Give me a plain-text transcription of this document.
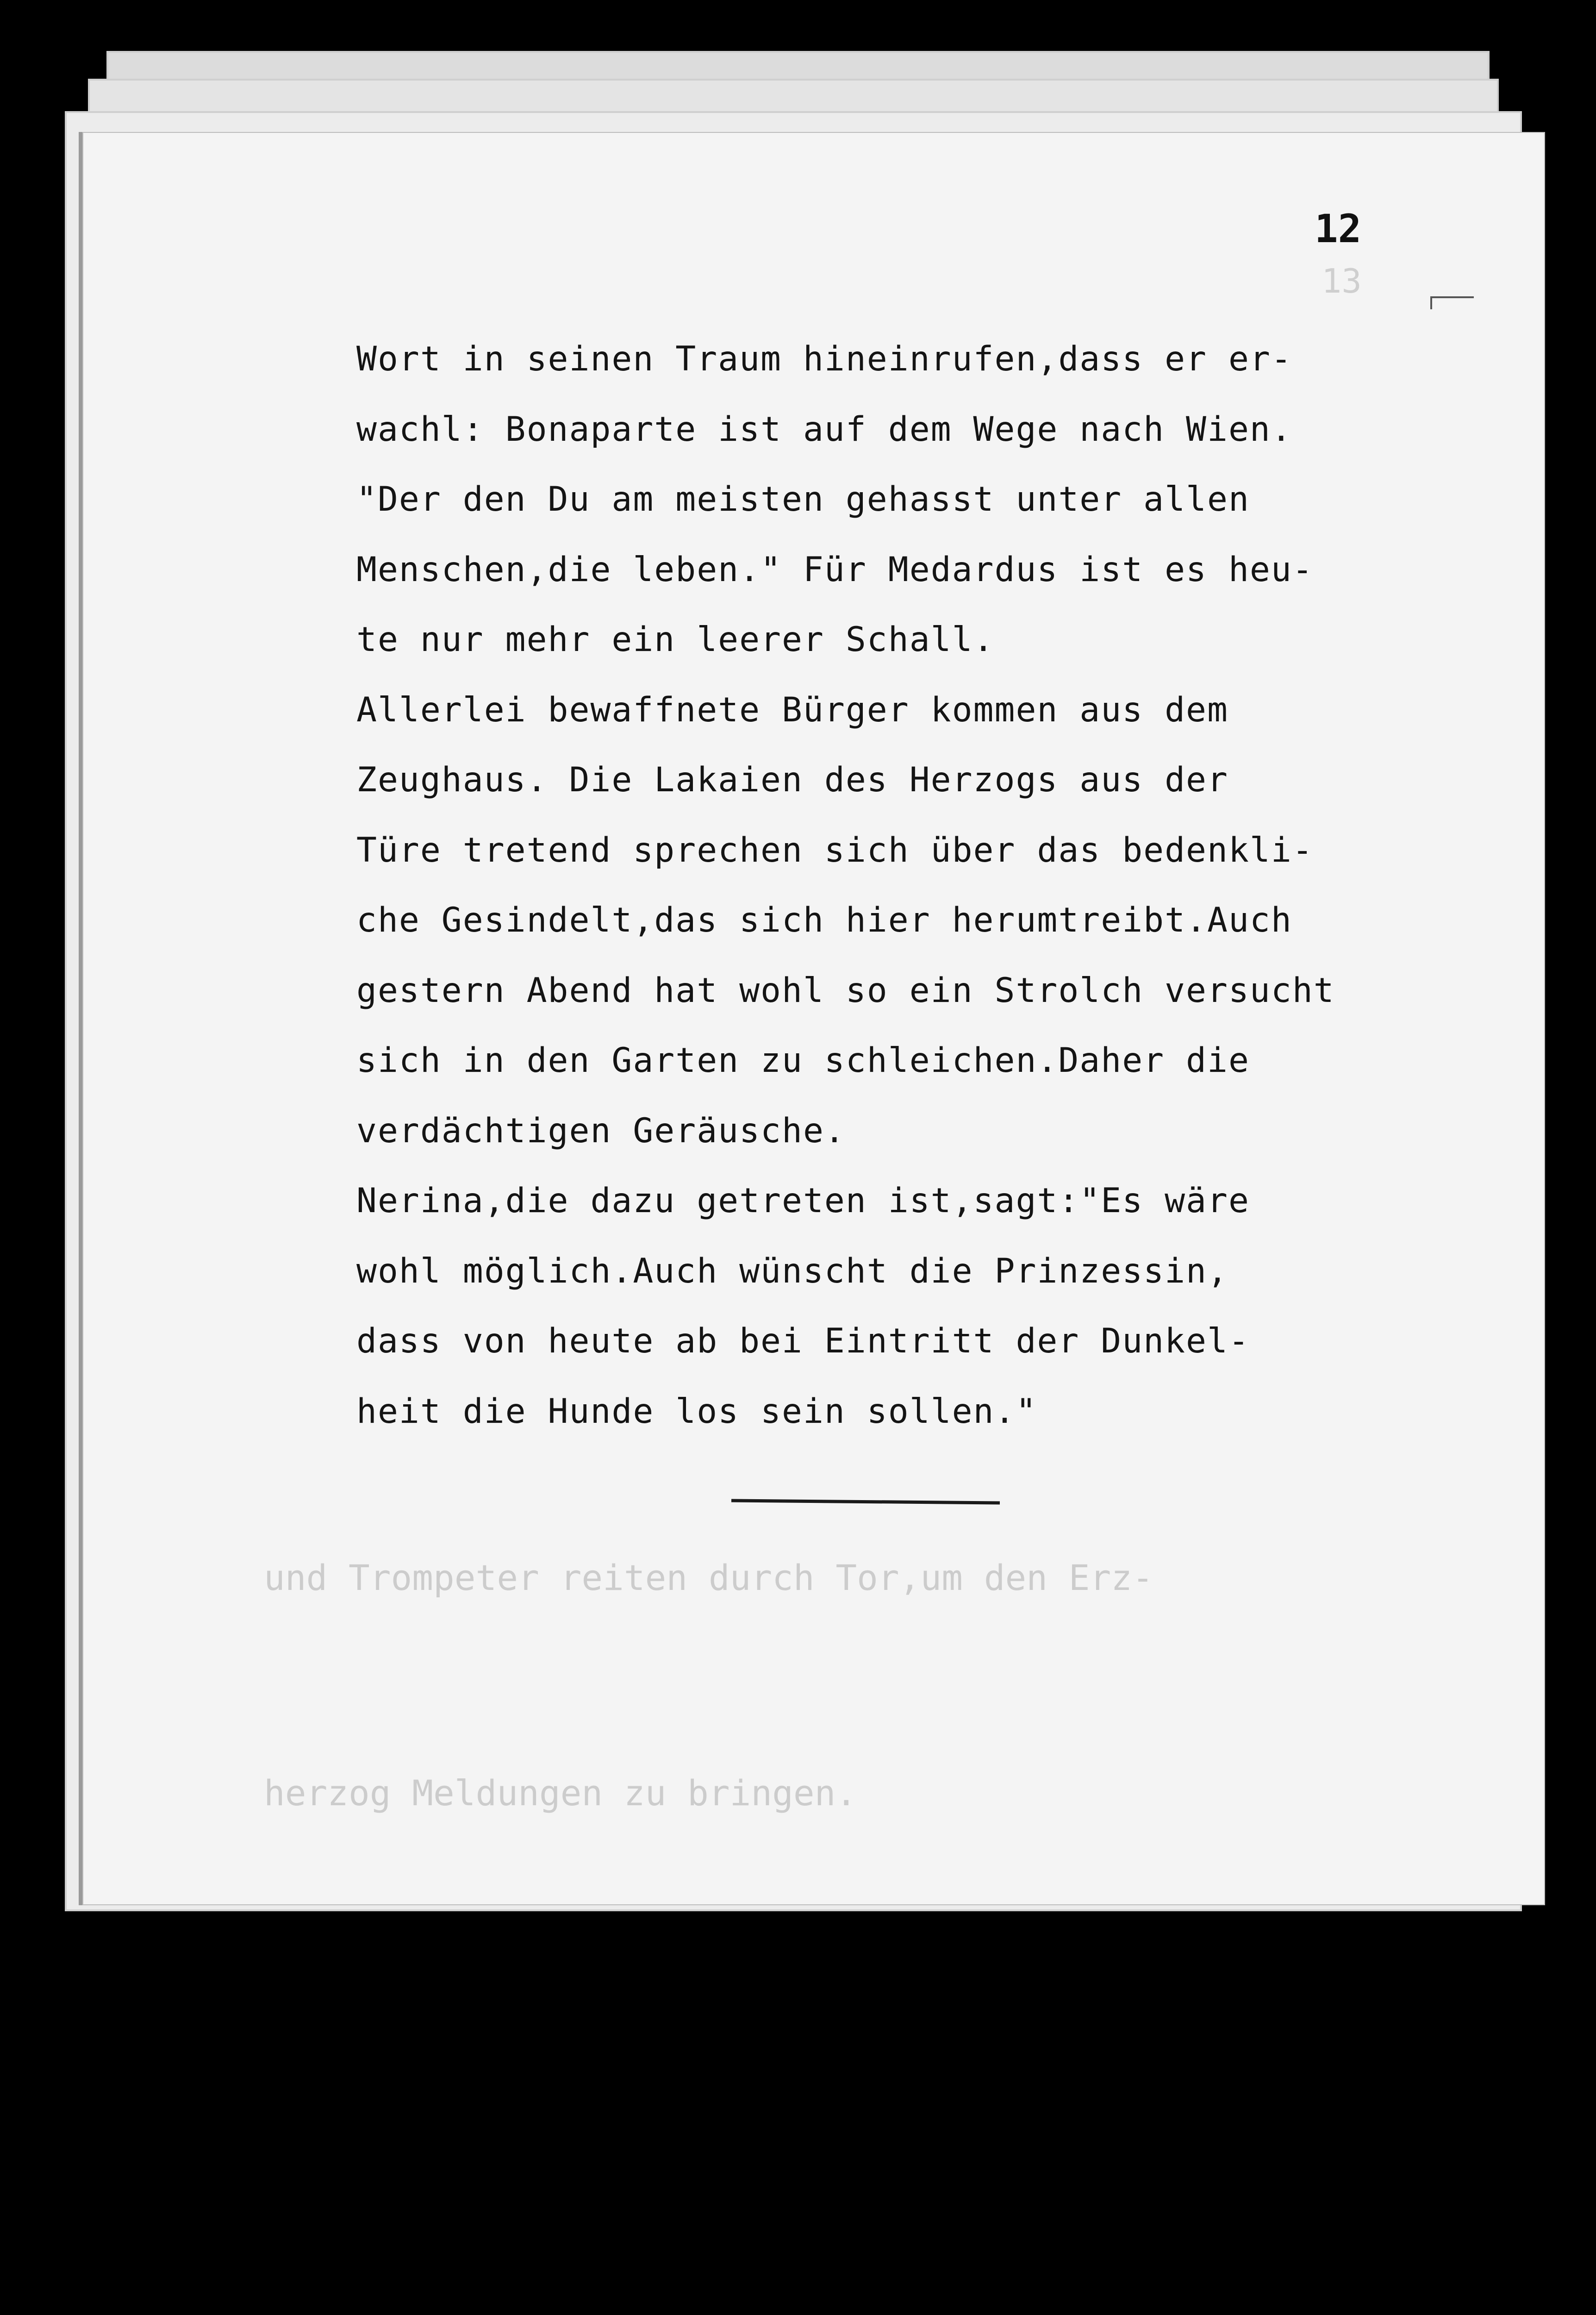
12
13
Wort in seinen Traum hineinrufen,dass er er-
wachl: Bonaparte ist auf dem Wege nach Wien.
"Der den Du am meisten gehasst unter allen
Menschen,die leben." Für Medardus ist es heu-
te nur mehr ein leerer Schall.
Allerlei bewaffnete Bürger kommen aus dem
Zeughaus. Die Lakaien des Herzogs aus der
Türe tretend sprechen sich über das bedenkli-
che Gesindelt,das sich hier herumtreibt.Auch
gestern Abend hat wohl so ein Strolch versucht
sich in den Garten zu schleichen.Daher die
verdächtigen Geräusche.
Nerina,die dazu getreten ist,sagt:"Es wäre
wohl möglich.Auch wünscht die Prinzessin,
dass von heute ab bei Eintritt der Dunkel-
heit die Hunde los sein sollen."

und Trompeter reiten durch Tor,um den Erz-

herzog Meldungen zu bringen.

Geschwätz des Volkes auf der Bastei.Wachs-

huber mit einem Morgenstern bewaffnet,hält
